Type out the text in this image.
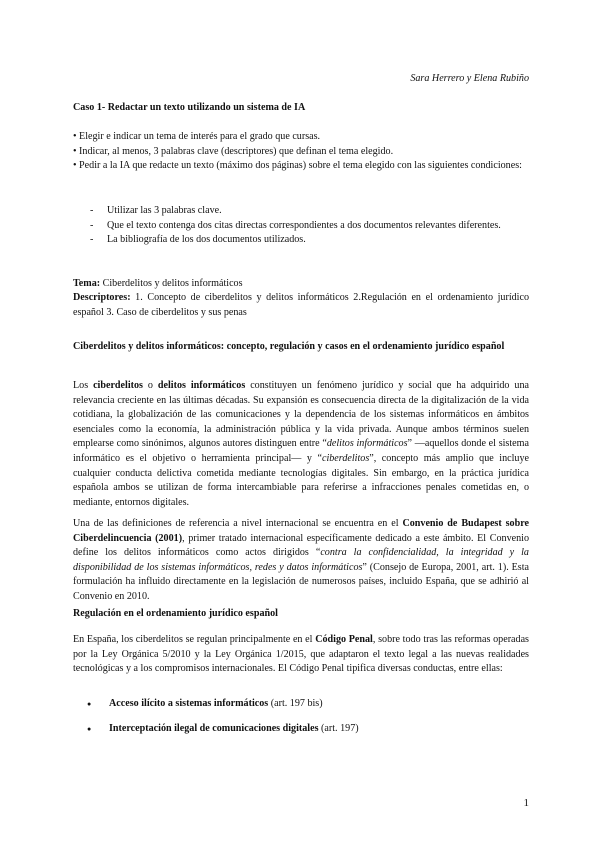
Sara Herrero y Elena Rubiño

Caso 1- Redactar un texto utilizando un sistema de IA

• Elegir e indicar un tema de interés para el grado que cursas.

• Indicar, al menos, 3 palabras clave (descriptores) que definan el tema elegido.

• Pedir a la IA que redacte un texto (máximo dos páginas) sobre el tema elegido con las siguientes condiciones:

- Utilizar las 3 palabras clave.
- Que el texto contenga dos citas directas correspondientes a dos documentos relevantes diferentes.
- La bibliografía de los dos documentos utilizados.

Tema: Ciberdelitos y delitos informáticos

Descriptores: 1. Concepto de ciberdelitos y delitos informáticos 2.Regulación en el ordenamiento jurídico español 3. Caso de ciberdelitos y sus penas

Ciberdelitos y delitos informáticos: concepto, regulación y casos en el ordenamiento jurídico español

Los ciberdelitos o delitos informáticos constituyen un fenómeno jurídico y social que ha adquirido una relevancia creciente en las últimas décadas. Su expansión es consecuencia directa de la digitalización de la vida cotidiana, la globalización de las comunicaciones y la dependencia de los sistemas informáticos en ámbitos esenciales como la economía, la administración pública y la vida privada. Aunque ambos términos suelen emplearse como sinónimos, algunos autores distinguen entre “delitos informáticos” —aquellos donde el sistema informático es el objetivo o herramienta principal— y “ciberdelitos”, concepto más amplio que incluye cualquier conducta delictiva cometida mediante tecnologías digitales. Sin embargo, en la práctica jurídica española ambos se utilizan de forma intercambiable para referirse a infracciones penales cometidas en, o mediante, entornos digitales.

Una de las definiciones de referencia a nivel internacional se encuentra en el Convenio de Budapest sobre Ciberdelincuencia (2001), primer tratado internacional específicamente dedicado a este ámbito. El Convenio define los delitos informáticos como actos dirigidos “contra la confidencialidad, la integridad y la disponibilidad de los sistemas informáticos, redes y datos informáticos” (Consejo de Europa, 2001, art. 1). Esta formulación ha influido directamente en la legislación de numerosos países, incluido España, que se adhirió al Convenio en 2010.

Regulación en el ordenamiento jurídico español

En España, los ciberdelitos se regulan principalmente en el Código Penal, sobre todo tras las reformas operadas por la Ley Orgánica 5/2010 y la Ley Orgánica 1/2015, que adaptaron el texto legal a las nuevas realidades tecnológicas y a los compromisos internacionales. El Código Penal tipifica diversas conductas, entre ellas:

● Acceso ilícito a sistemas informáticos (art. 197 bis)
● Interceptación ilegal de comunicaciones digitales (art. 197)
1
